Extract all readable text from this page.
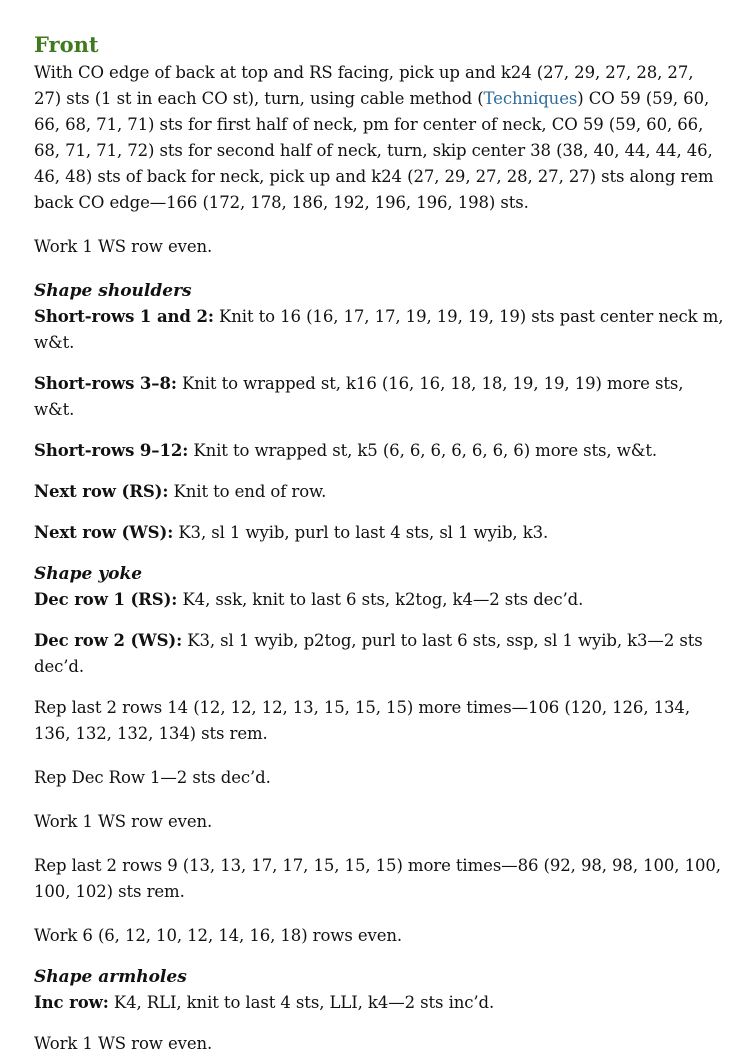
Front

With CO edge of back at top and RS facing, pick up and k24 (27, 29, 27, 28, 27, 27) sts (1 st in each CO st), turn, using cable method (Techniques) CO 59 (59, 60, 66, 68, 71, 71) sts for first half of neck, pm for center of neck, CO 59 (59, 60, 66, 68, 71, 71, 72) sts for second half of neck, turn, skip center 38 (38, 40, 44, 44, 46, 46, 48) sts of back for neck, pick up and k24 (27, 29, 27, 28, 27, 27) sts along rem back CO edge—166 (172, 178, 186, 192, 196, 196, 198) sts.

Work 1 WS row even.

Shape shoulders

Short-rows 1 and 2: Knit to 16 (16, 17, 17, 19, 19, 19, 19) sts past center neck m, w&t.

Short-rows 3–8: Knit to wrapped st, k16 (16, 16, 18, 18, 19, 19, 19) more sts, w&t.

Short-rows 9–12: Knit to wrapped st, k5 (6, 6, 6, 6, 6, 6, 6) more sts, w&t.

Next row (RS): Knit to end of row.

Next row (WS): K3, sl 1 wyib, purl to last 4 sts, sl 1 wyib, k3.

Shape yoke

Dec row 1 (RS): K4, ssk, knit to last 6 sts, k2tog, k4—2 sts dec’d.

Dec row 2 (WS): K3, sl 1 wyib, p2tog, purl to last 6 sts, ssp, sl 1 wyib, k3—2 sts dec’d.

Rep last 2 rows 14 (12, 12, 12, 13, 15, 15, 15) more times—106 (120, 126, 134, 136, 132, 132, 134) sts rem.

Rep Dec Row 1—2 sts dec’d.

Work 1 WS row even.

Rep last 2 rows 9 (13, 13, 17, 17, 15, 15, 15) more times—86 (92, 98, 98, 100, 100, 100, 102) sts rem.

Work 6 (6, 12, 10, 12, 14, 16, 18) rows even.

Shape armholes

Inc row: K4, RLI, knit to last 4 sts, LLI, k4—2 sts inc’d.

Work 1 WS row even.
